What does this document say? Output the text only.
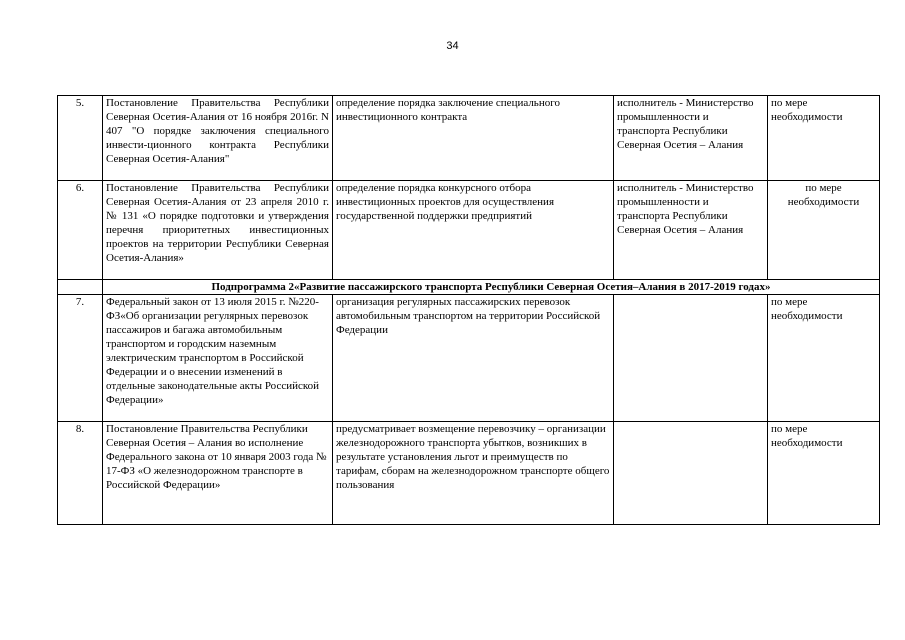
34
5.	Постановление Правительства Республики Северная Осетия-Алания от 16 ноября 2016г. N 407 "О порядке заключения специального инвести-ционного контракта Республики Северная Осетия-Алания"	определение порядка заключение специального инвестиционного контракта	исполнитель - Министерство промышленности и транспорта Республики Северная Осетия – Алания	по мере необходимости
6.	Постановление Правительства Республики Северная Осетия-Алания от 23 апреля 2010 г. № 131 «О порядке подготовки и утверждения перечня приоритетных инвестиционных проектов на территории Республики Северная Осетия-Алания»	определение порядка конкурсного отбора инвестиционных проектов для осуществления государственной поддержки предприятий	исполнитель - Министерство промышленности и транспорта Республики Северная Осетия – Алания	по мере необходимости
	Подпрограмма 2«Развитие пассажирского транспорта Республики Северная Осетия–Алания в 2017-2019 годах»			
7.	Федеральный закон от 13 июля 2015 г. №220-ФЗ«Об организации регулярных перевозок пассажиров и багажа автомобильным транспортом и городским наземным электрическим транспортом в Российской Федерации и о внесении изменений в отдельные законодательные акты Российской Федерации»	организация регулярных пассажирских перевозок автомобильным транспортом на территории Российской Федерации		по мере необходимости
8.	Постановление Правительства Республики Северная Осетия – Алания во исполнение Федерального закона от 10 января 2003 года № 17-ФЗ «О железнодорожном транспорте в Российской Федерации»	предусматривает возмещение перевозчику – организации железнодорожного транспорта убытков, возникших в результате установления льгот и преимуществ по тарифам, сборам на железнодорожном транспорте общего пользования		по мере необходимости
